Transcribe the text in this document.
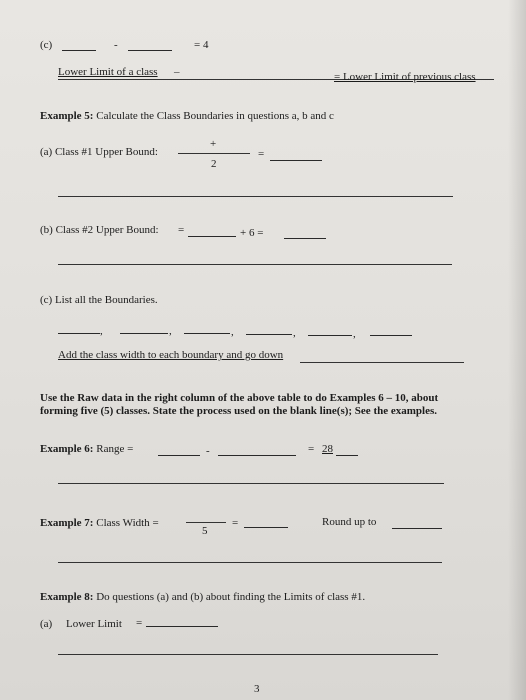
(c)	-	= 4
Lower Limit of a class –	= Lower Limit of previous class
Example 5: Calculate the Class Boundaries in questions a, b and c
(a) Class #1 Upper Bound:
+
2
=
(b) Class #2 Upper Bound: =	+ 6 =
(c) List all the Boundaries.
,	,	,	,	,
Add the class width to each boundary and go down
Use the Raw data in the right column of the above table to do Examples 6 – 10, about
forming five (5) classes. State the process used on the blank line(s); See the examples.
Example 6: Range =	-	= 28
Example 7: Class Width =
5
=	Round up to
Example 8: Do questions (a) and (b) about finding the Limits of class #1.
(a) Lower Limit =
3
